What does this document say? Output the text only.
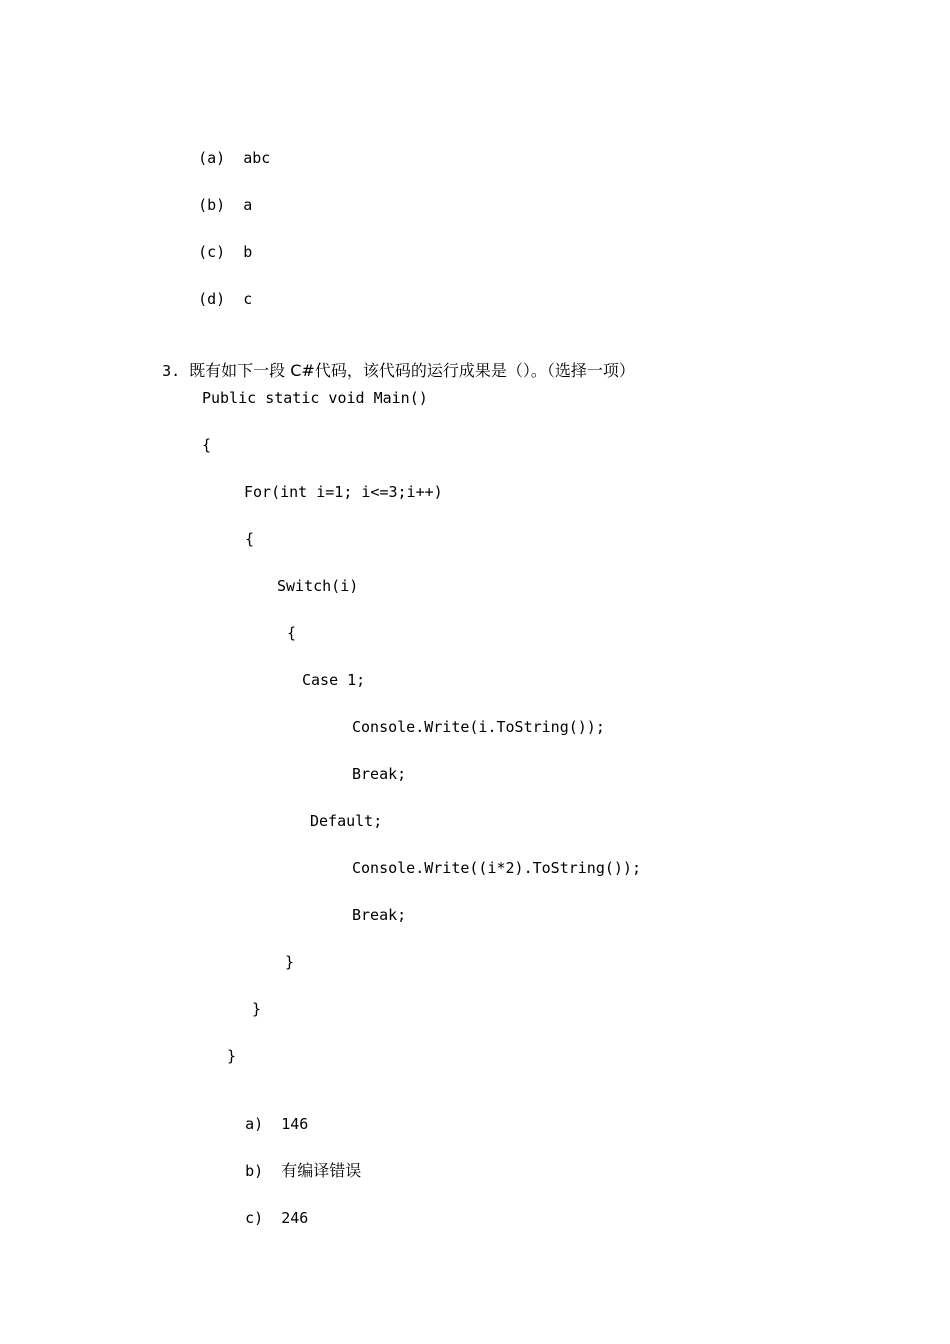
(a) abc

(b) a

(c) b

(d) c

3. 既有如下一段 C#代码，该代码的运行成果是（）。（选择一项）

Public static void Main()
{
For(int i=1; i<=3;i++)
{
Switch(i)
{
Case 1;
Console.Write(i.ToString());
Break;
Default;
Console.Write((i*2).ToString());
Break;
}
}
}

a) 146

b) 有编译错误

c) 246
